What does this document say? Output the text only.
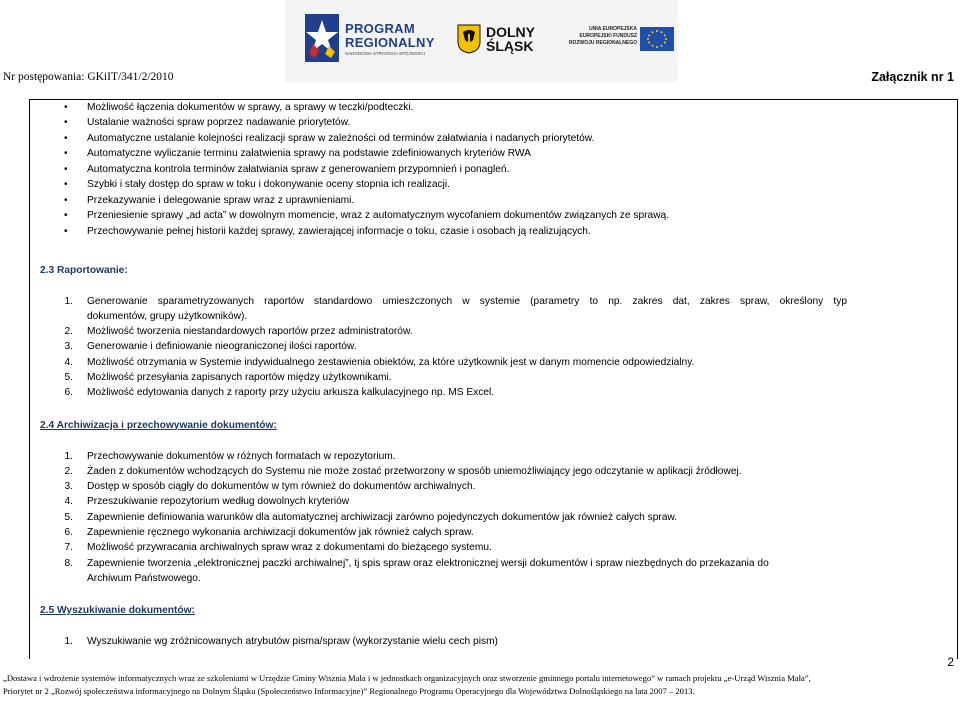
PROGRAM
REGIONALNY
NARODOWA STRATEGIA SPÓJNOŚCI
DOLNY
ŚLĄSK
UNIA EUROPEJSKA
EUROPEJSKI FUNDUSZ
ROZWOJU REGIONALNEGO
Nr postępowania: GKiIT/341/2/2010	Załącznik nr 1
• Możliwość łączenia dokumentów w sprawy, a sprawy w teczki/podteczki.
• Ustalanie ważności spraw poprzez nadawanie priorytetów.
• Automatyczne ustalanie kolejności realizacji spraw w zależności od terminów załatwiania i nadanych priorytetów.
• Automatyczne wyliczanie terminu załatwienia sprawy na podstawie zdefiniowanych kryteriów RWA
• Automatyczna kontrola terminów załatwiania spraw z generowaniem przypomnień i ponagleń.
• Szybki i stały dostęp do spraw w toku i dokonywanie oceny stopnia ich realizacji.
• Przekazywanie i delegowanie spraw wraz z uprawnieniami.
• Przeniesienie sprawy „ad acta” w dowolnym momencie, wraz z automatycznym wycofaniem dokumentów związanych ze sprawą.
• Przechowywanie pełnej historii każdej sprawy, zawierającej informacje o toku, czasie i osobach ją realizujących.
2.3 Raportowanie:
1. Generowanie sparametryzowanych raportów standardowo umieszczonych w systemie (parametry to np. zakres dat, zakres spraw, określony typ
dokumentów, grupy użytkowników).
2. Możliwość tworzenia niestandardowych raportów przez administratorów.
3. Generowanie i definiowanie nieograniczonej ilości raportów.
4. Możliwość otrzymania w Systemie indywidualnego zestawienia obiektów, za które użytkownik jest w danym momencie odpowiedzialny.
5. Możliwość przesyłania zapisanych raportów między użytkownikami.
6. Możliwość edytowania danych z raporty przy użyciu arkusza kalkulacyjnego np. MS Excel.
2.4 Archiwizacja i przechowywanie dokumentów:
1. Przechowywanie dokumentów w różnych formatach w repozytorium.
2. Żaden z dokumentów wchodzących do Systemu nie może zostać przetworzony w sposób uniemożliwiający jego odczytanie w aplikacji źródłowej.
3. Dostęp w sposób ciągły do dokumentów w tym również do dokumentów archiwalnych.
4. Przeszukiwanie repozytorium według dowolnych kryteriów
5. Zapewnienie definiowania warunków dla automatycznej archiwizacji zarówno pojedynczych dokumentów jak również całych spraw.
6. Zapewnienie ręcznego wykonania archiwizacji dokumentów jak również całych spraw.
7. Możliwość przywracania archiwalnych spraw wraz z dokumentami do bieżącego systemu.
8. Zapewnienie tworzenia „elektronicznej paczki archiwalnej”, tj spis spraw oraz elektronicznej wersji dokumentów i spraw niezbędnych do przekazania do
Archiwum Państwowego.
2.5 Wyszukiwanie dokumentów:
1. Wyszukiwanie wg zróżnicowanych atrybutów pisma/spraw (wykorzystanie wielu cech pism)
2
„Dostawa i wdrożenie systemów informatycznych wraz ze szkoleniami w Urzędzie Gminy Wisznia Mała i w jednostkach organizacyjnych oraz stworzenie gminnego portalu internetowego” w ramach projektu „e-Urząd Wisznia Mała”,
Priorytet nr 2 „Rozwój społeczeństwa informacyjnego na Dolnym Śląsku (Społeczeństwo Informacyjne)” Regionalnego Programu Operacyjnego dla Województwa Dolnośląskiego na lata 2007 – 2013.
